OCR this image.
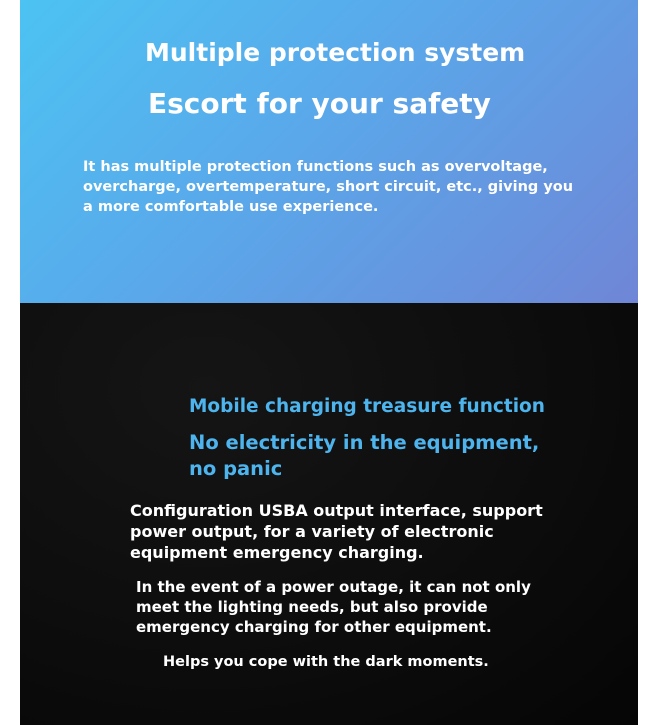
Multiple protection system
Escort for your safety

It has multiple protection functions such as overvoltage, overcharge, overtemperature, short circuit, etc., giving you a more comfortable use experience.

Mobile charging treasure function
No electricity in the equipment, no panic

Configuration USBA output interface, support power output, for a variety of electronic equipment emergency charging.

In the event of a power outage, it can not only meet the lighting needs, but also provide emergency charging for other equipment.

Helps you cope with the dark moments.
